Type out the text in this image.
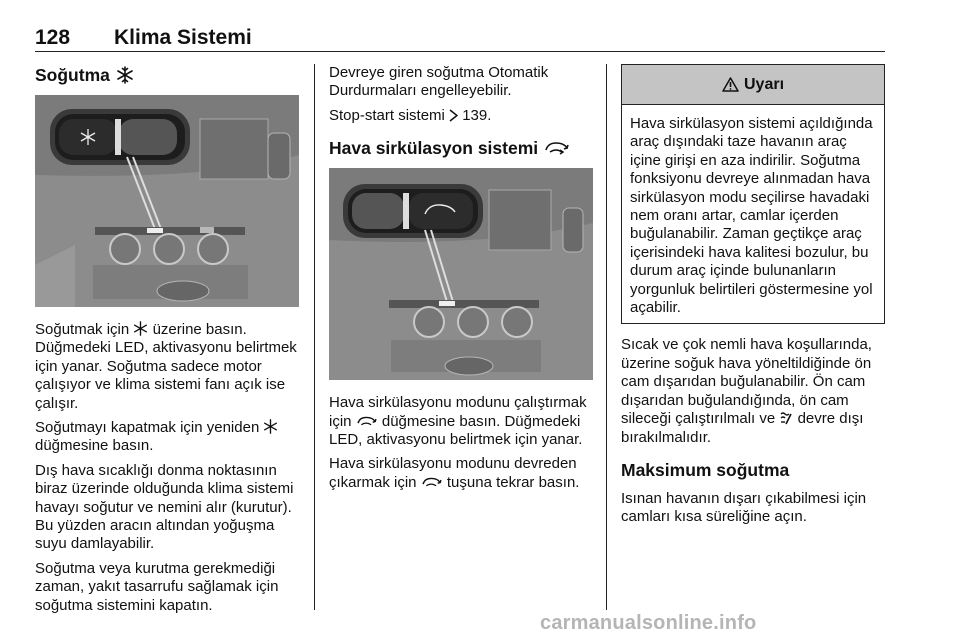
128 Klima Sistemi
Soğutma

Soğutmak için üzerine basın. Düğmedeki LED, aktivasyonu belirtmek için yanar. Soğutma sadece motor çalışıyor ve klima sistemi fanı açık ise çalışır.

Soğutmayı kapatmak için yeniden  düğmesine basın.

Dış hava sıcaklığı donma noktasının biraz üzerinde olduğunda klima sistemi havayı soğutur ve nemini alır (kurutur). Bu yüzden aracın altından yoğuşma suyu damlayabilir.

Soğutma veya kurutma gerekmediği zaman, yakıt tasarrufu sağlamak için soğutma sistemini kapatın.

Devreye giren soğutma Otomatik Durdurmaları engelleyebilir.

Stop-start sistemi 139.

Hava sirkülasyon sistemi

Hava sirkülasyonu modunu çalıştırmak için düğmesine basın. Düğmedeki LED, aktivasyonu belirtmek için yanar.

Hava sirkülasyonu modunu devreden çıkarmak için tuşuna tekrar basın.

Uyarı

Hava sirkülasyon sistemi açıldığında araç dışındaki taze havanın araç içine girişi en aza indirilir. Soğutma fonksiyonu devreye alınmadan hava sirkülasyon modu seçilirse havadaki nem oranı artar, camlar içerden buğulanabilir. Zaman geçtikçe araç içerisindeki hava kalitesi bozulur, bu durum araç içinde bulunanların yorgunluk belirtileri göstermesine yol açabilir.

Sıcak ve çok nemli hava koşullarında, üzerine soğuk hava yöneltildiğinde ön cam dışarıdan buğulanabilir. Ön cam dışarıdan buğulandığında, ön cam sileceği çalıştırılmalı ve devre dışı bırakılmalıdır.

Maksimum soğutma

Isınan havanın dışarı çıkabilmesi için camları kısa süreliğine açın.

carmanualsonline.info
